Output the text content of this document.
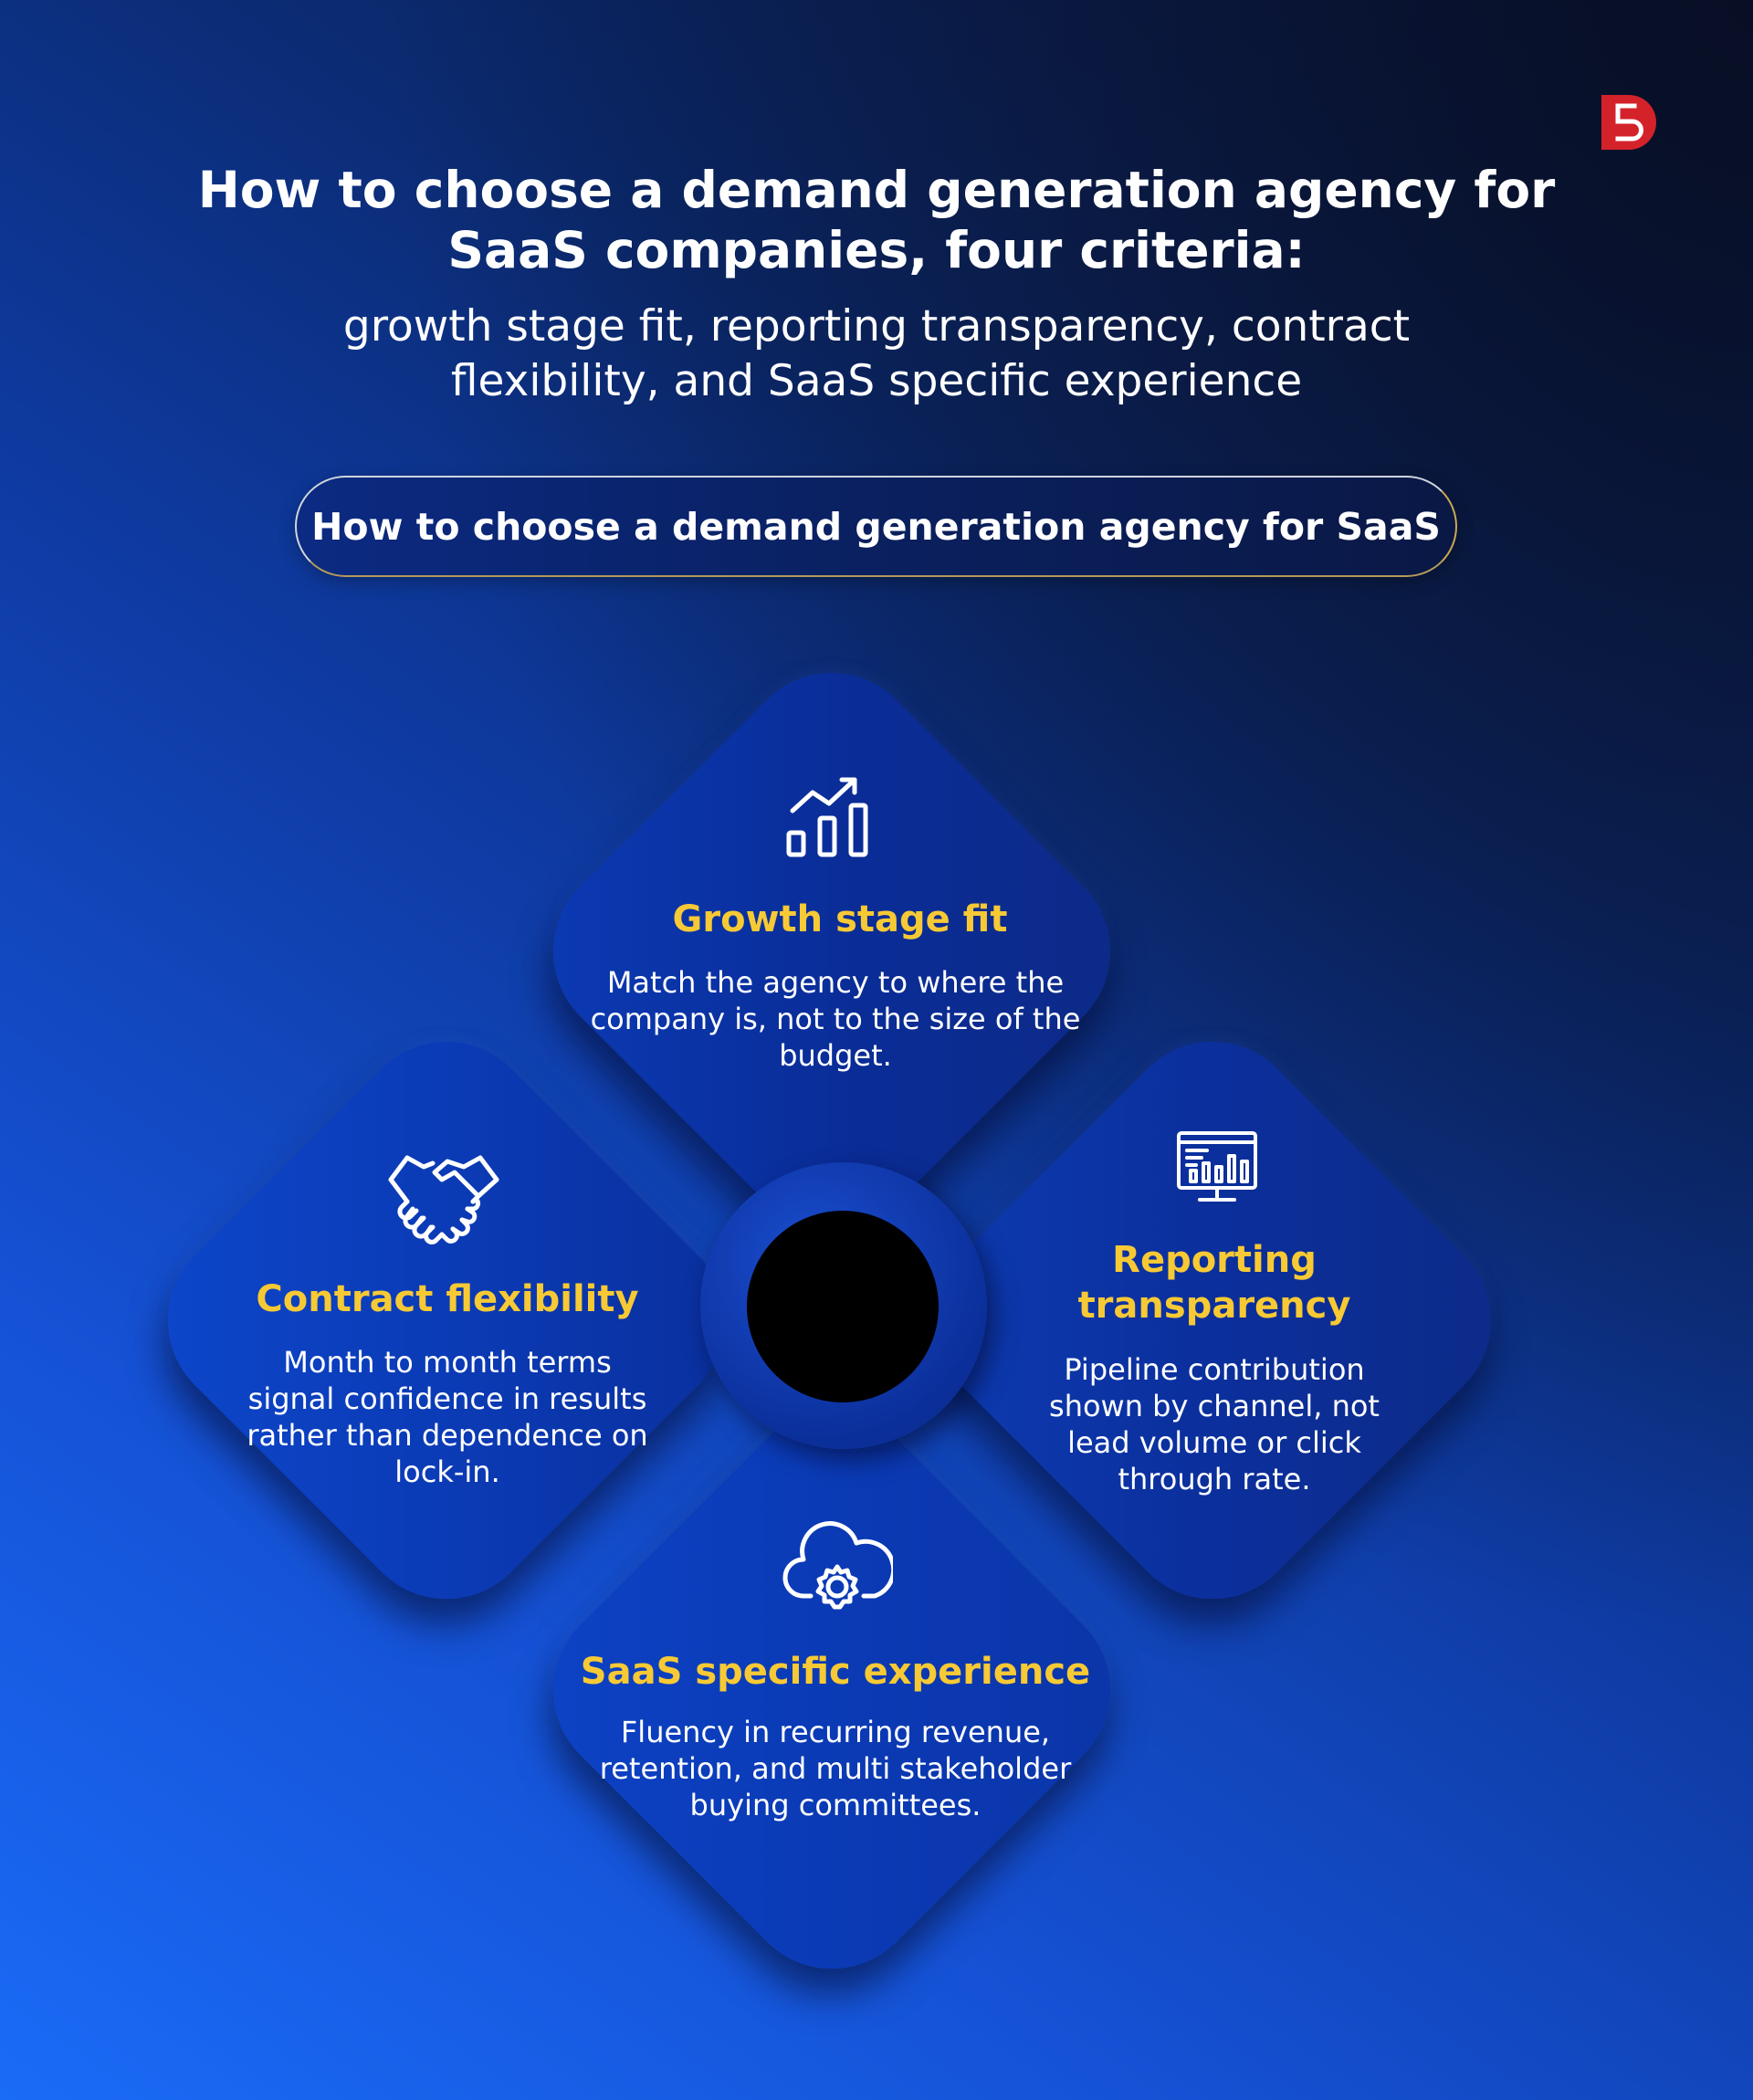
How to choose a demand generation agency for SaaS companies, four criteria:

growth stage fit, reporting transparency, contract flexibility, and SaaS specific experience

How to choose a demand generation agency for SaaS
Growth stage fit

Match the agency to where the company is, not to the size of the budget.

Reporting transparency

Pipeline contribution shown by channel, not lead volume or click through rate.

Contract flexibility

Month to month terms signal confidence in results rather than dependence on lock-in.

SaaS specific experience

Fluency in recurring revenue, retention, and multi stakeholder buying committees.
